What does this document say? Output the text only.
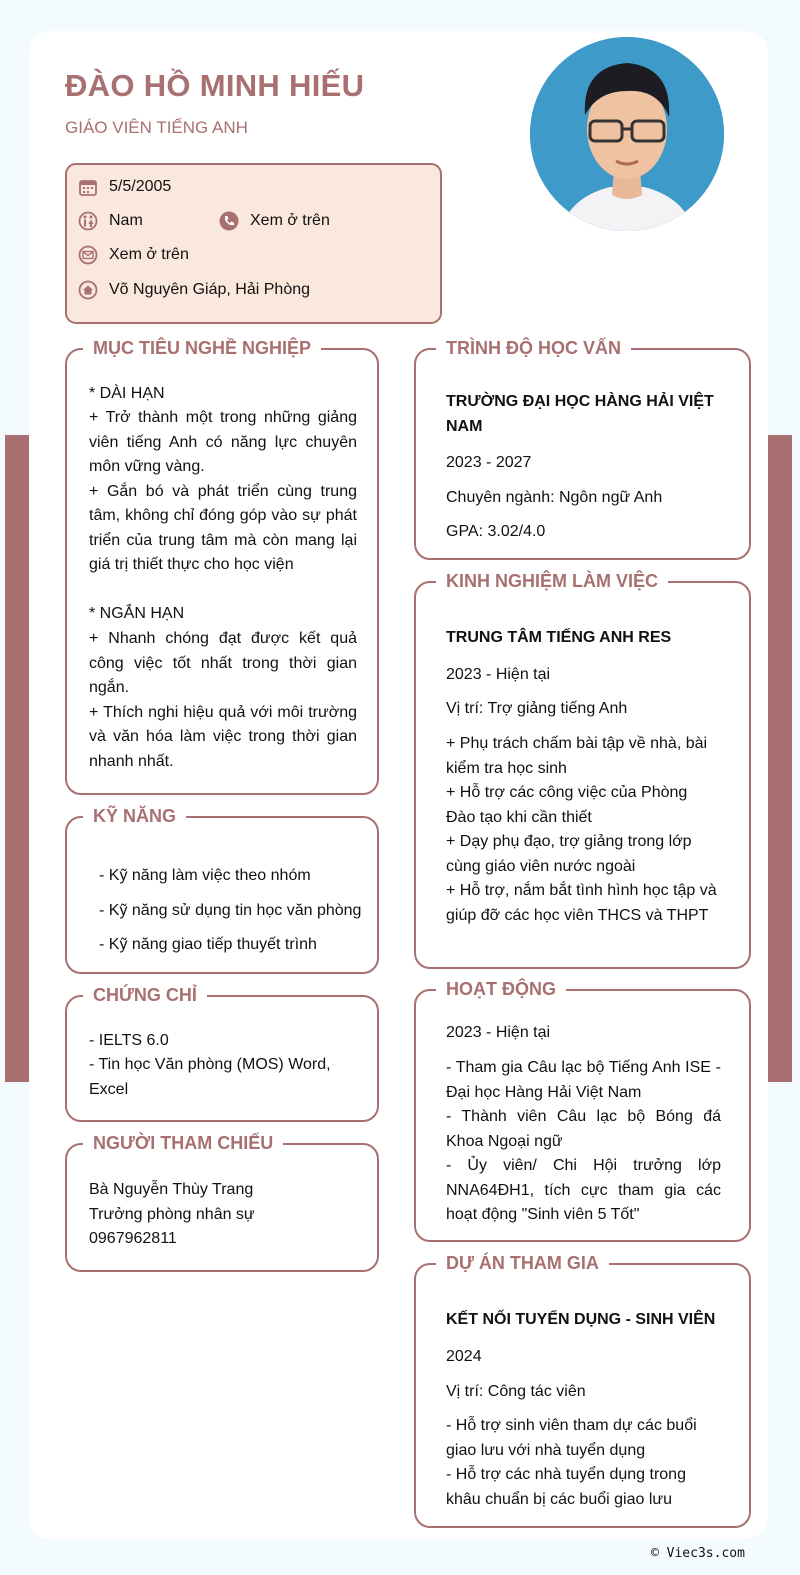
ĐÀO HỒ MINH HIẾU
GIÁO VIÊN TIẾNG ANH
5/5/2005
Nam	Xem ở trên
Xem ở trên
Võ Nguyên Giáp, Hải Phòng
MỤC TIÊU NGHỀ NGHIỆP
* DÀI HẠN
+ Trở thành một trong những giảng viên tiếng Anh có năng lực chuyên môn vững vàng.
+ Gắn bó và phát triển cùng trung tâm, không chỉ đóng góp vào sự phát triển của trung tâm mà còn mang lại giá trị thiết thực cho học viện
* NGẮN HẠN
+ Nhanh chóng đạt được kết quả công việc tốt nhất trong thời gian ngắn.
+ Thích nghi hiệu quả với môi trường và văn hóa làm việc trong thời gian nhanh nhất.
KỸ NĂNG
- Kỹ năng làm việc theo nhóm
- Kỹ năng sử dụng tin học văn phòng
- Kỹ năng giao tiếp thuyết trình
CHỨNG CHỈ
- IELTS 6.0
- Tin học Văn phòng (MOS) Word, Excel
NGƯỜI THAM CHIẾU
Bà Nguyễn Thùy Trang
Trưởng phòng nhân sự
0967962811
TRÌNH ĐỘ HỌC VẤN
TRƯỜNG ĐẠI HỌC HÀNG HẢI VIỆT NAM
2023 - 2027
Chuyên ngành: Ngôn ngữ Anh
GPA: 3.02/4.0
KINH NGHIỆM LÀM VIỆC
TRUNG TÂM TIẾNG ANH RES
2023 - Hiện tại
Vị trí: Trợ giảng tiếng Anh
+ Phụ trách chấm bài tập về nhà, bài kiểm tra học sinh
+ Hỗ trợ các công việc của Phòng Đào tạo khi cần thiết
+ Dạy phụ đạo, trợ giảng trong lớp cùng giáo viên nước ngoài
+ Hỗ trợ, nắm bắt tình hình học tập và giúp đỡ các học viên THCS và THPT
HOẠT ĐỘNG
2023 - Hiện tại
- Tham gia Câu lạc bộ Tiếng Anh ISE - Đại học Hàng Hải Việt Nam
- Thành viên Câu lạc bộ Bóng đá Khoa Ngoại ngữ
- Ủy viên/ Chi Hội trưởng lớp NNA64ĐH1, tích cực tham gia các hoạt động "Sinh viên 5 Tốt"
DỰ ÁN THAM GIA
KẾT NỐI TUYỂN DỤNG - SINH VIÊN
2024
Vị trí: Công tác viên
- Hỗ trợ sinh viên tham dự các buổi giao lưu với nhà tuyển dụng
- Hỗ trợ các nhà tuyển dụng trong khâu chuẩn bị các buổi giao lưu
© Viec3s.com
